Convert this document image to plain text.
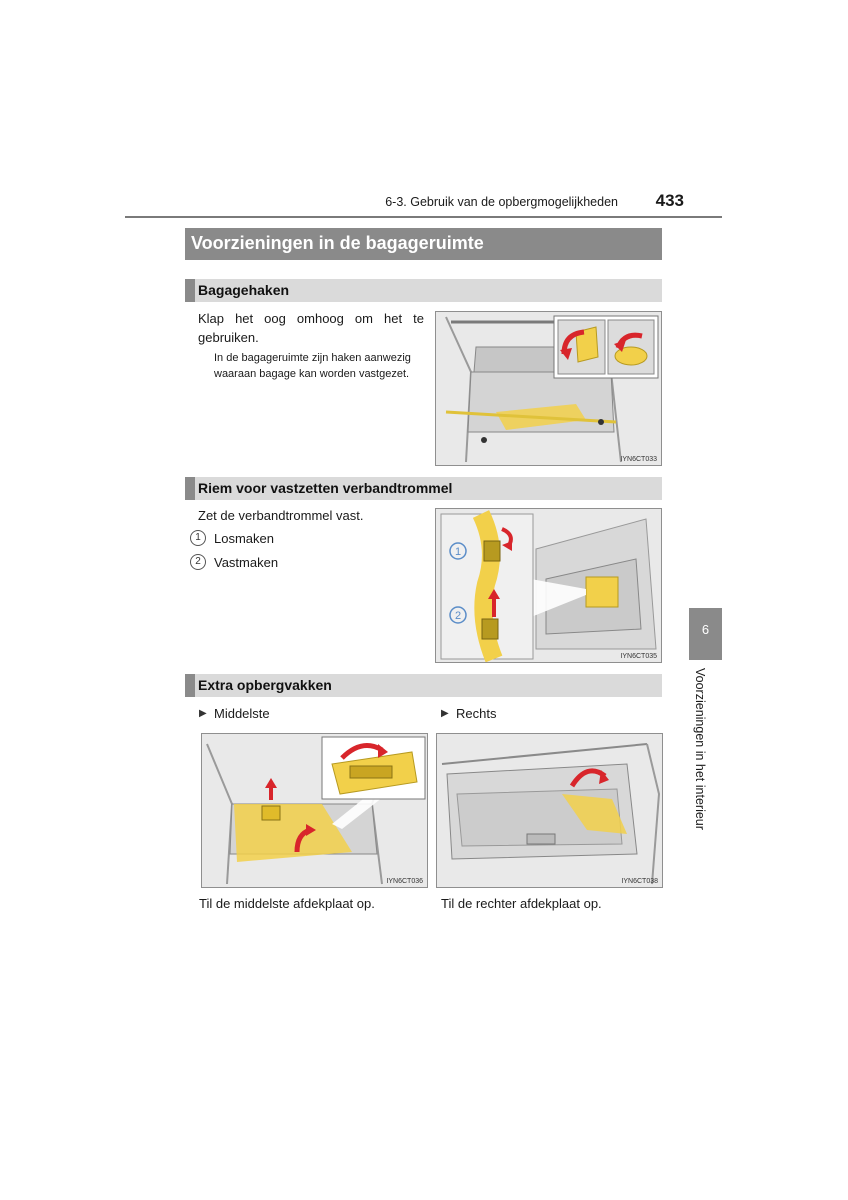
6-3. Gebruik van de opbergmogelijkheden	433
Voorzieningen in de bagageruimte
Bagagehaken
Klap het oog omhoog om het te gebruiken.
In de bagageruimte zijn haken aanwezig waaraan bagage kan worden vastgezet.
IYN6CT033
Riem voor vastzetten verbandtrommel
Zet de verbandtrommel vast.
1	Losmaken
2	Vastmaken
1
2
IYN6CT035
6
Voorzieningen in het interieur
Extra opbergvakken
▶ Middelste	▶ Rechts
IYN6CT036	IYN6CT038
Til de middelste afdekplaat op.	Til de rechter afdekplaat op.
